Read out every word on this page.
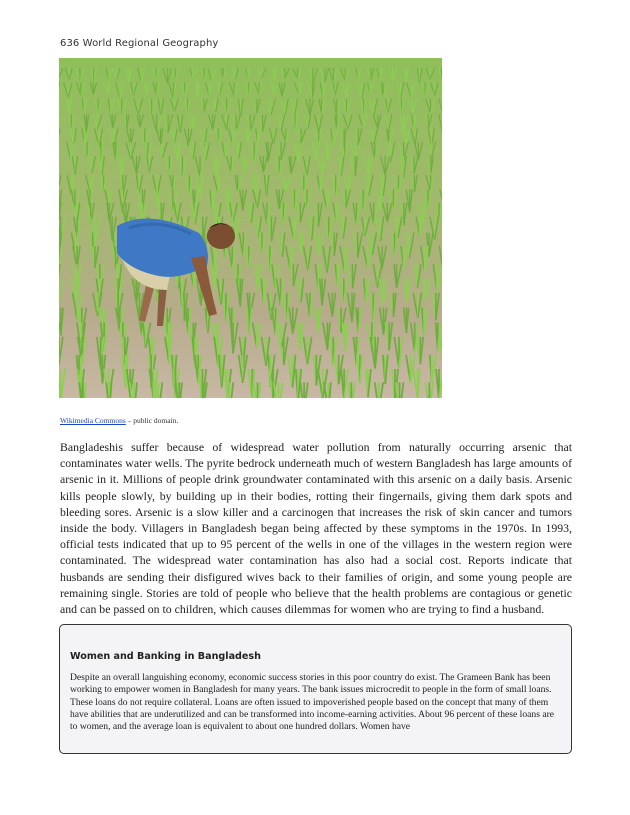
636 World Regional Geography
Wikimedia Commons – public domain.

Bangladeshis suffer because of widespread water pollution from naturally occurring arsenic that contaminates water wells. The pyrite bedrock underneath much of western Bangladesh has large amounts of arsenic in it. Millions of people drink groundwater contaminated with this arsenic on a daily basis. Arsenic kills people slowly, by building up in their bodies, rotting their fingernails, giving them dark spots and bleeding sores. Arsenic is a slow killer and a carcinogen that increases the risk of skin cancer and tumors inside the body. Villagers in Bangladesh began being affected by these symptoms in the 1970s. In 1993, official tests indicated that up to 95 percent of the wells in one of the villages in the western region were contaminated. The widespread water contamination has also had a social cost. Reports indicate that husbands are sending their disfigured wives back to their families of origin, and some young people are remaining single. Stories are told of people who believe that the health problems are contagious or genetic and can be passed on to children, which causes dilemmas for women who are trying to find a husband.

Women and Banking in Bangladesh
Despite an overall languishing economy, economic success stories in this poor country do exist. The Grameen Bank has been working to empower women in Bangladesh for many years. The bank issues microcredit to people in the form of small loans. These loans do not require collateral. Loans are often issued to impoverished people based on the concept that many of them have abilities that are underutilized and can be transformed into income-earning activities. About 96 percent of these loans are to women, and the average loan is equivalent to about one hundred dollars. Women have
